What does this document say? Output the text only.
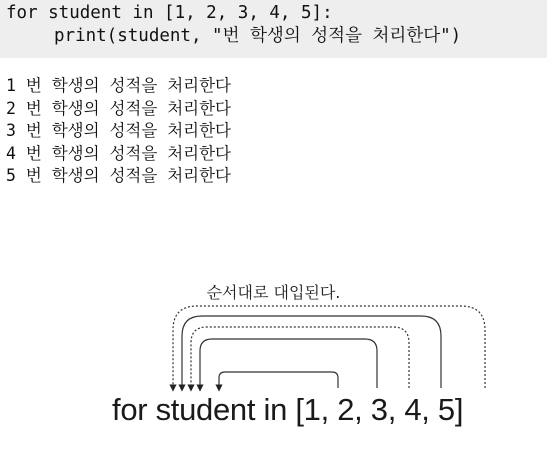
for student in [1, 2, 3, 4, 5]:
print(student, "번 학생의 성적을 처리한다")
1 번 학생의 성적을 처리한다
2 번 학생의 성적을 처리한다
3 번 학생의 성적을 처리한다
4 번 학생의 성적을 처리한다
5 번 학생의 성적을 처리한다
순서대로 대입된다.
for student in [1, 2, 3, 4, 5]
